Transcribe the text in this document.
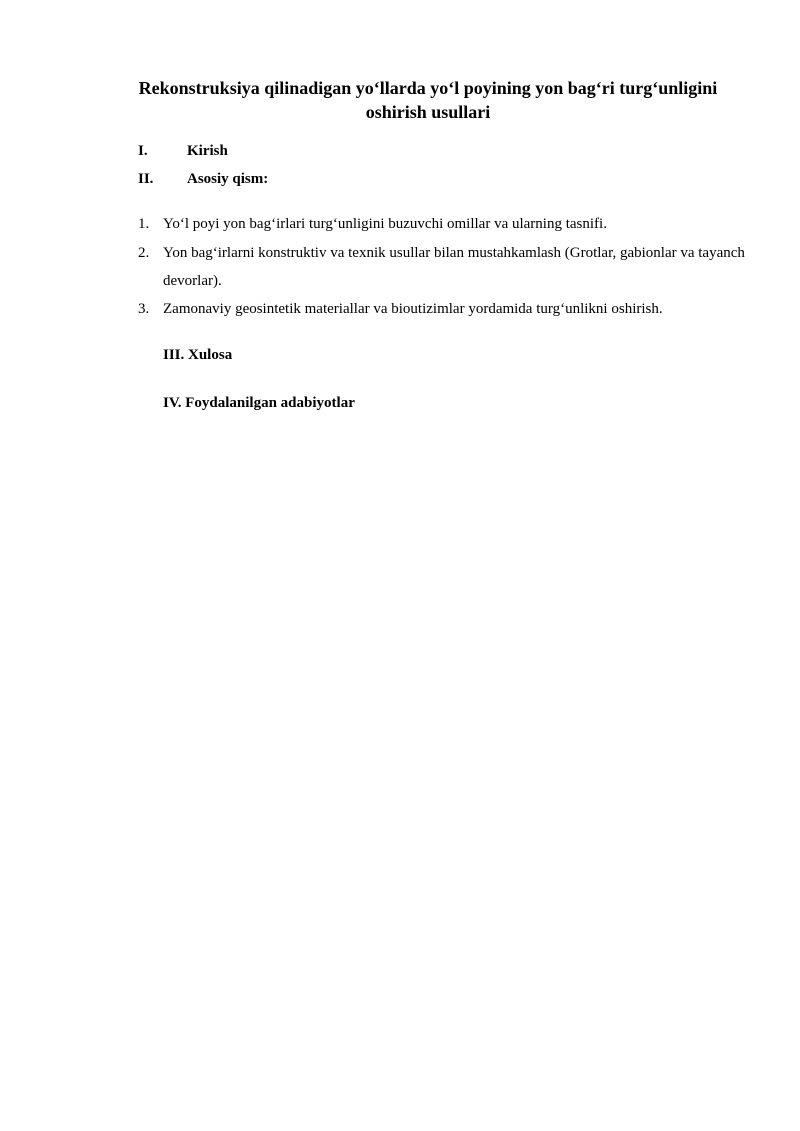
Rekonstruksiya qilinadigan yo‘llarda yo‘l poyining yon bag‘ri turg‘unligini
oshirish usullari
I.	Kirish
II. Asosiy qism:
1. Yo‘l poyi yon bag‘irlari turg‘unligini buzuvchi omillar va ularning tasnifi.
2. Yon bag‘irlarni konstruktiv va texnik usullar bilan mustahkamlash (Grotlar, gabionlar va tayanch devorlar).
3. Zamonaviy geosintetik materiallar va bioutizimlar yordamida turg‘unlikni oshirish.
III. Xulosa
IV. Foydalanilgan adabiyotlar
